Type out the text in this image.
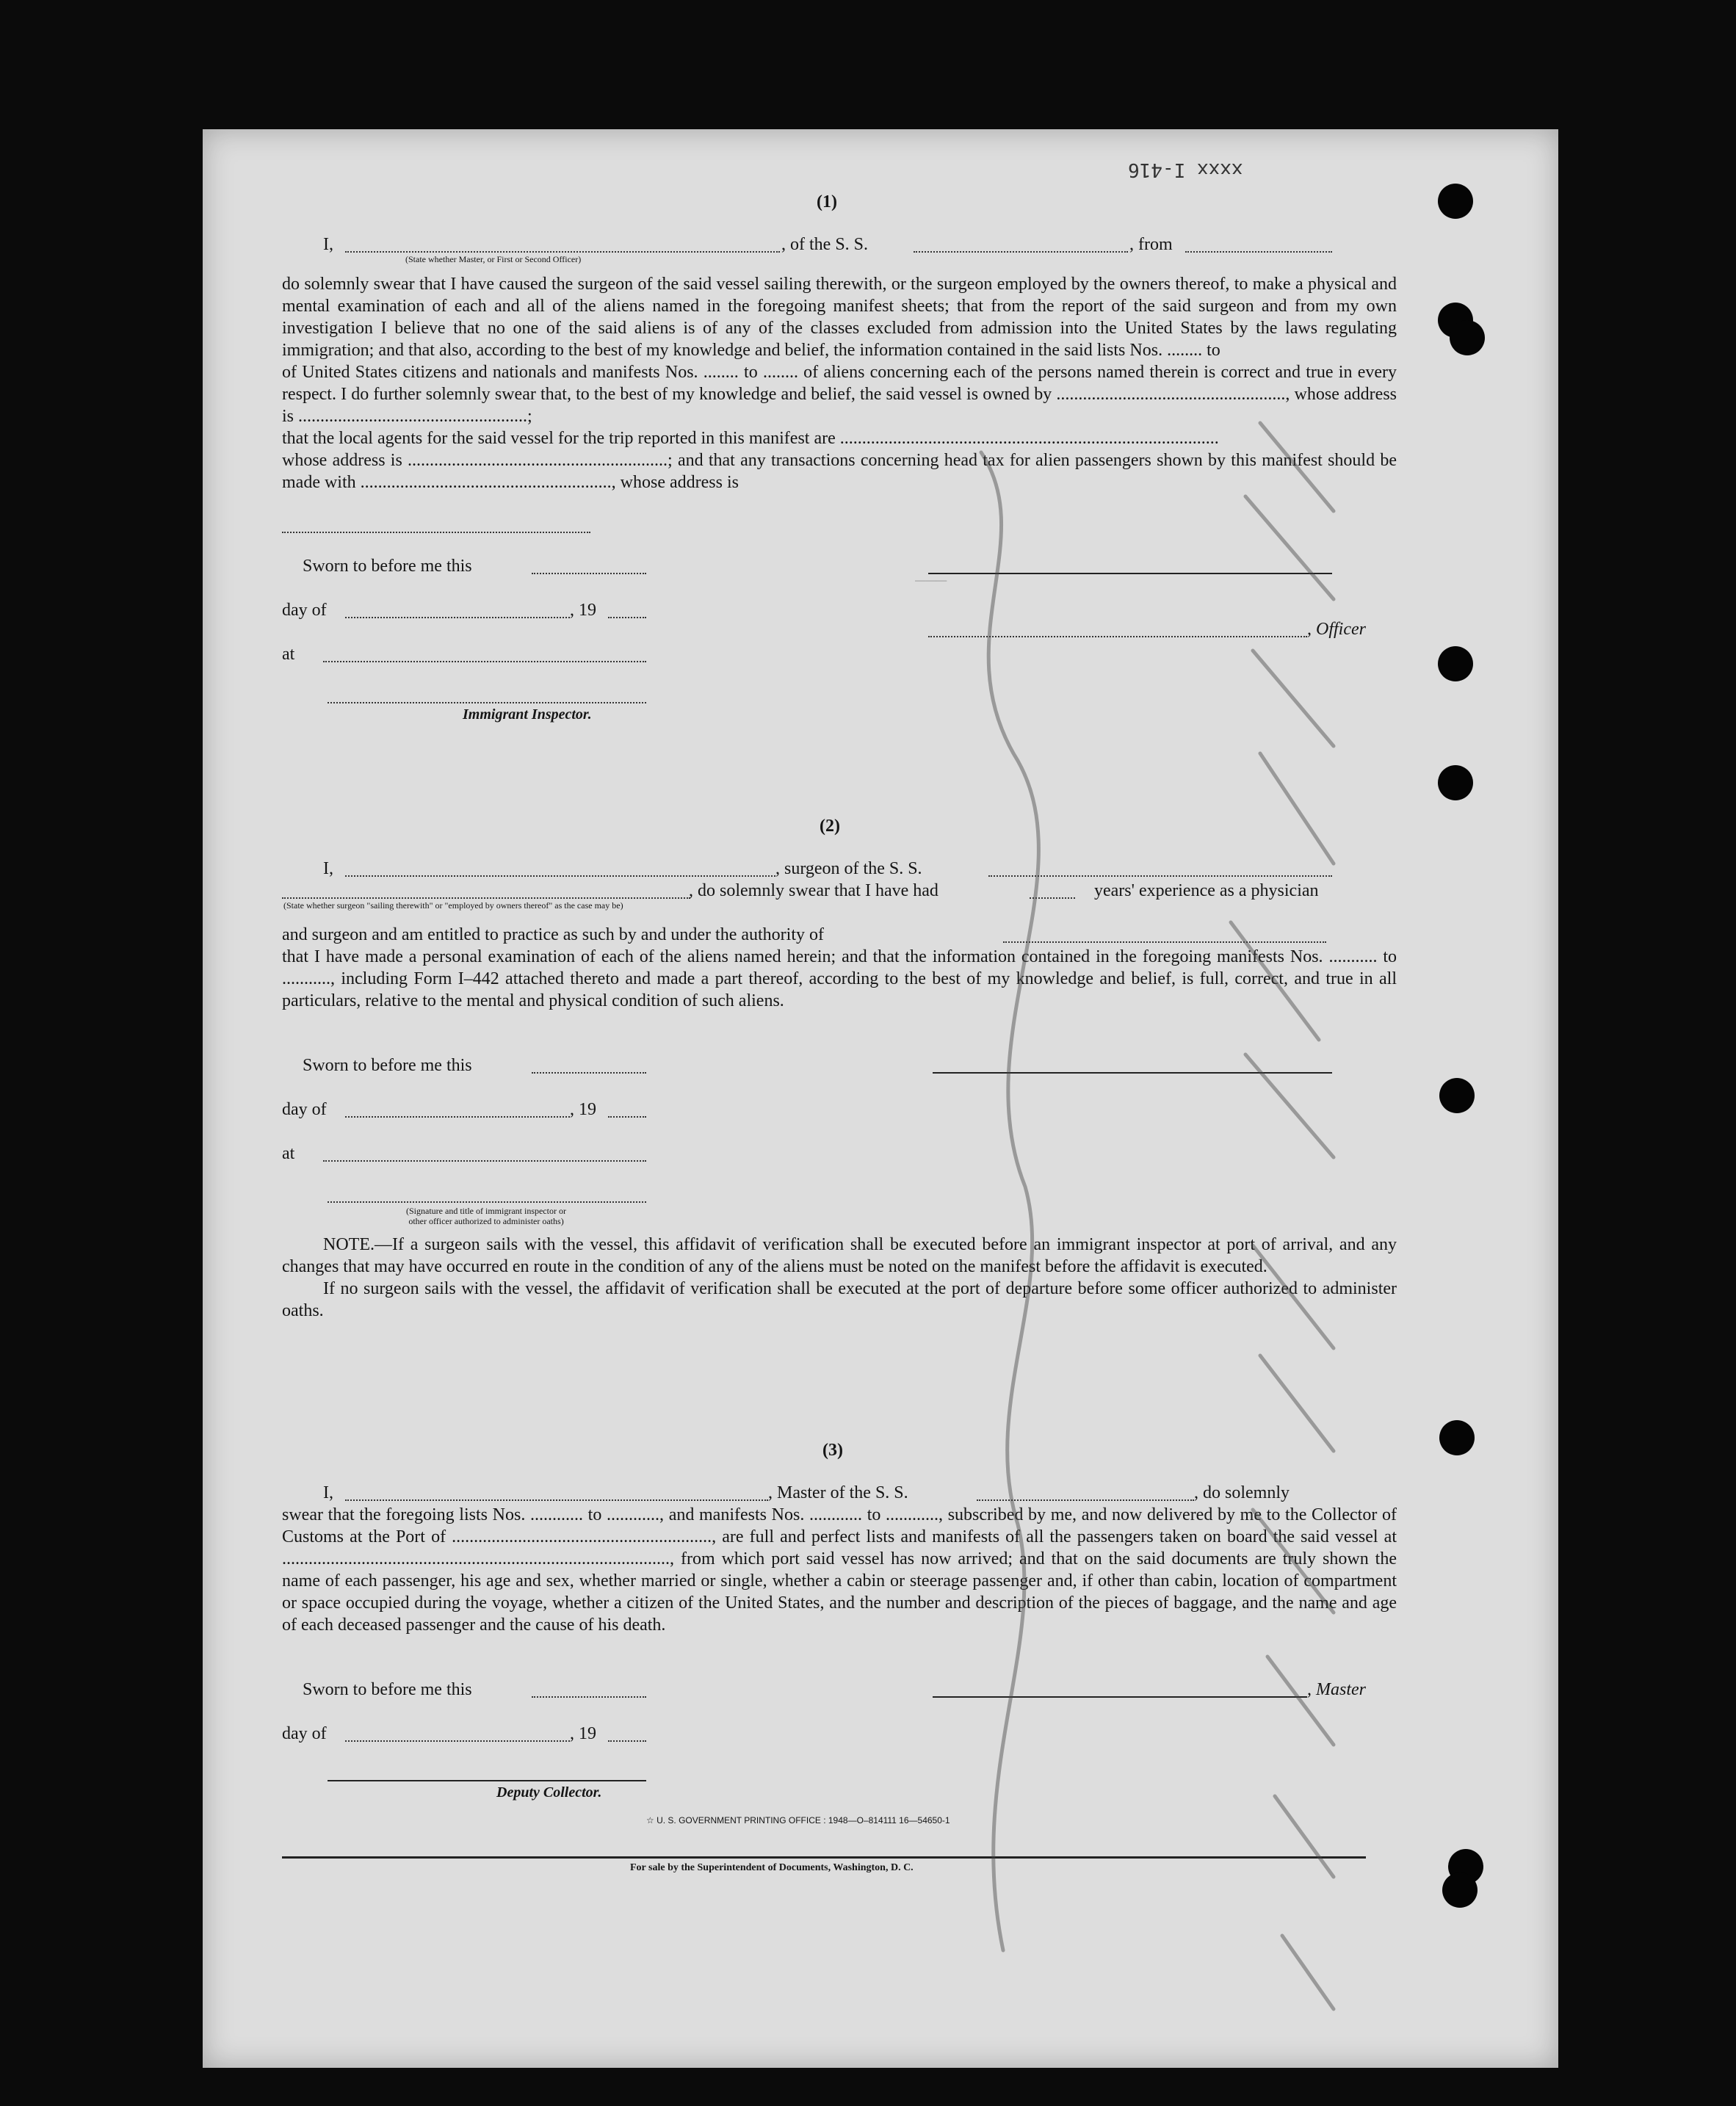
———
xxxx I-416
(1)
I,	, of the S. S.	, from
(State whether Master, or First or Second Officer)

do solemnly swear that I have caused the surgeon of the said vessel sailing therewith, or the surgeon employed by the owners thereof, to make a physical and mental examination of each and all of the aliens named in the foregoing manifest sheets; that from the report of the said surgeon and from my own investigation I believe that no one of the said aliens is of any of the classes excluded from admission into the United States by the laws regulating immigration; and that also, according to the best of my knowledge and belief, the information contained in the said lists Nos. ........ to

of United States citizens and nationals and manifests Nos. ........ to ........ of aliens concerning each of the persons named therein is correct and true in every respect. I do further solemnly swear that, to the best of my knowledge and belief, the said vessel is owned by ...................................................., whose address is ....................................................;

that the local agents for the said vessel for the trip reported in this manifest are ......................................................................................

whose address is ...........................................................; and that any transactions concerning head tax for alien passengers shown by this manifest should be made with ........................................................., whose address is

Sworn to before me this
day of	, 19
, Officer
at
Immigrant Inspector.
(2)
I,	, surgeon of the S. S.
, do solemnly swear that I have had	years' experience as a physician
(State whether surgeon "sailing therewith" or "employed by owners thereof" as the case may be)

and surgeon and am entitled to practice as such by and under the authority of

that I have made a personal examination of each of the aliens named herein; and that the information contained in the foregoing manifests Nos. ........... to ..........., including Form I–442 attached thereto and made a part thereof, according to the best of my knowledge and belief, is full, correct, and true in all particulars, relative to the mental and physical condition of such aliens.

Sworn to before me this
day of	, 19
at
(Signature and title of immigrant inspector or
other officer authorized to administer oaths)

NOTE.—If a surgeon sails with the vessel, this affidavit of verification shall be executed before an immigrant inspector at port of arrival, and any changes that may have occurred en route in the condition of any of the aliens must be noted on the manifest before the affidavit is executed.

If no surgeon sails with the vessel, the affidavit of verification shall be executed at the port of departure before some officer authorized to administer oaths.

(3)
I,	, Master of the S. S.	, do solemnly
swear that the foregoing lists Nos. ............ to ............, and manifests Nos. ............ to ............, subscribed by me, and now delivered by me to the Collector of Customs at the Port of ..........................................................., are full and perfect lists and manifests of all the passengers taken on board the said vessel at ........................................................................................, from which port said vessel has now arrived; and that on the said documents are truly shown the name of each passenger, his age and sex, whether married or single, whether a cabin or steerage passenger and, if other than cabin, location of compartment or space occupied during the voyage, whether a citizen of the United States, and the number and description of the pieces of baggage, and the name and age of each deceased passenger and the cause of his death.
Sworn to before me this	, Master
day of	, 19
Deputy Collector.
☆ U. S. GOVERNMENT PRINTING OFFICE : 1948—O–814111 16—54650-1
For sale by the Superintendent of Documents, Washington, D. C.
